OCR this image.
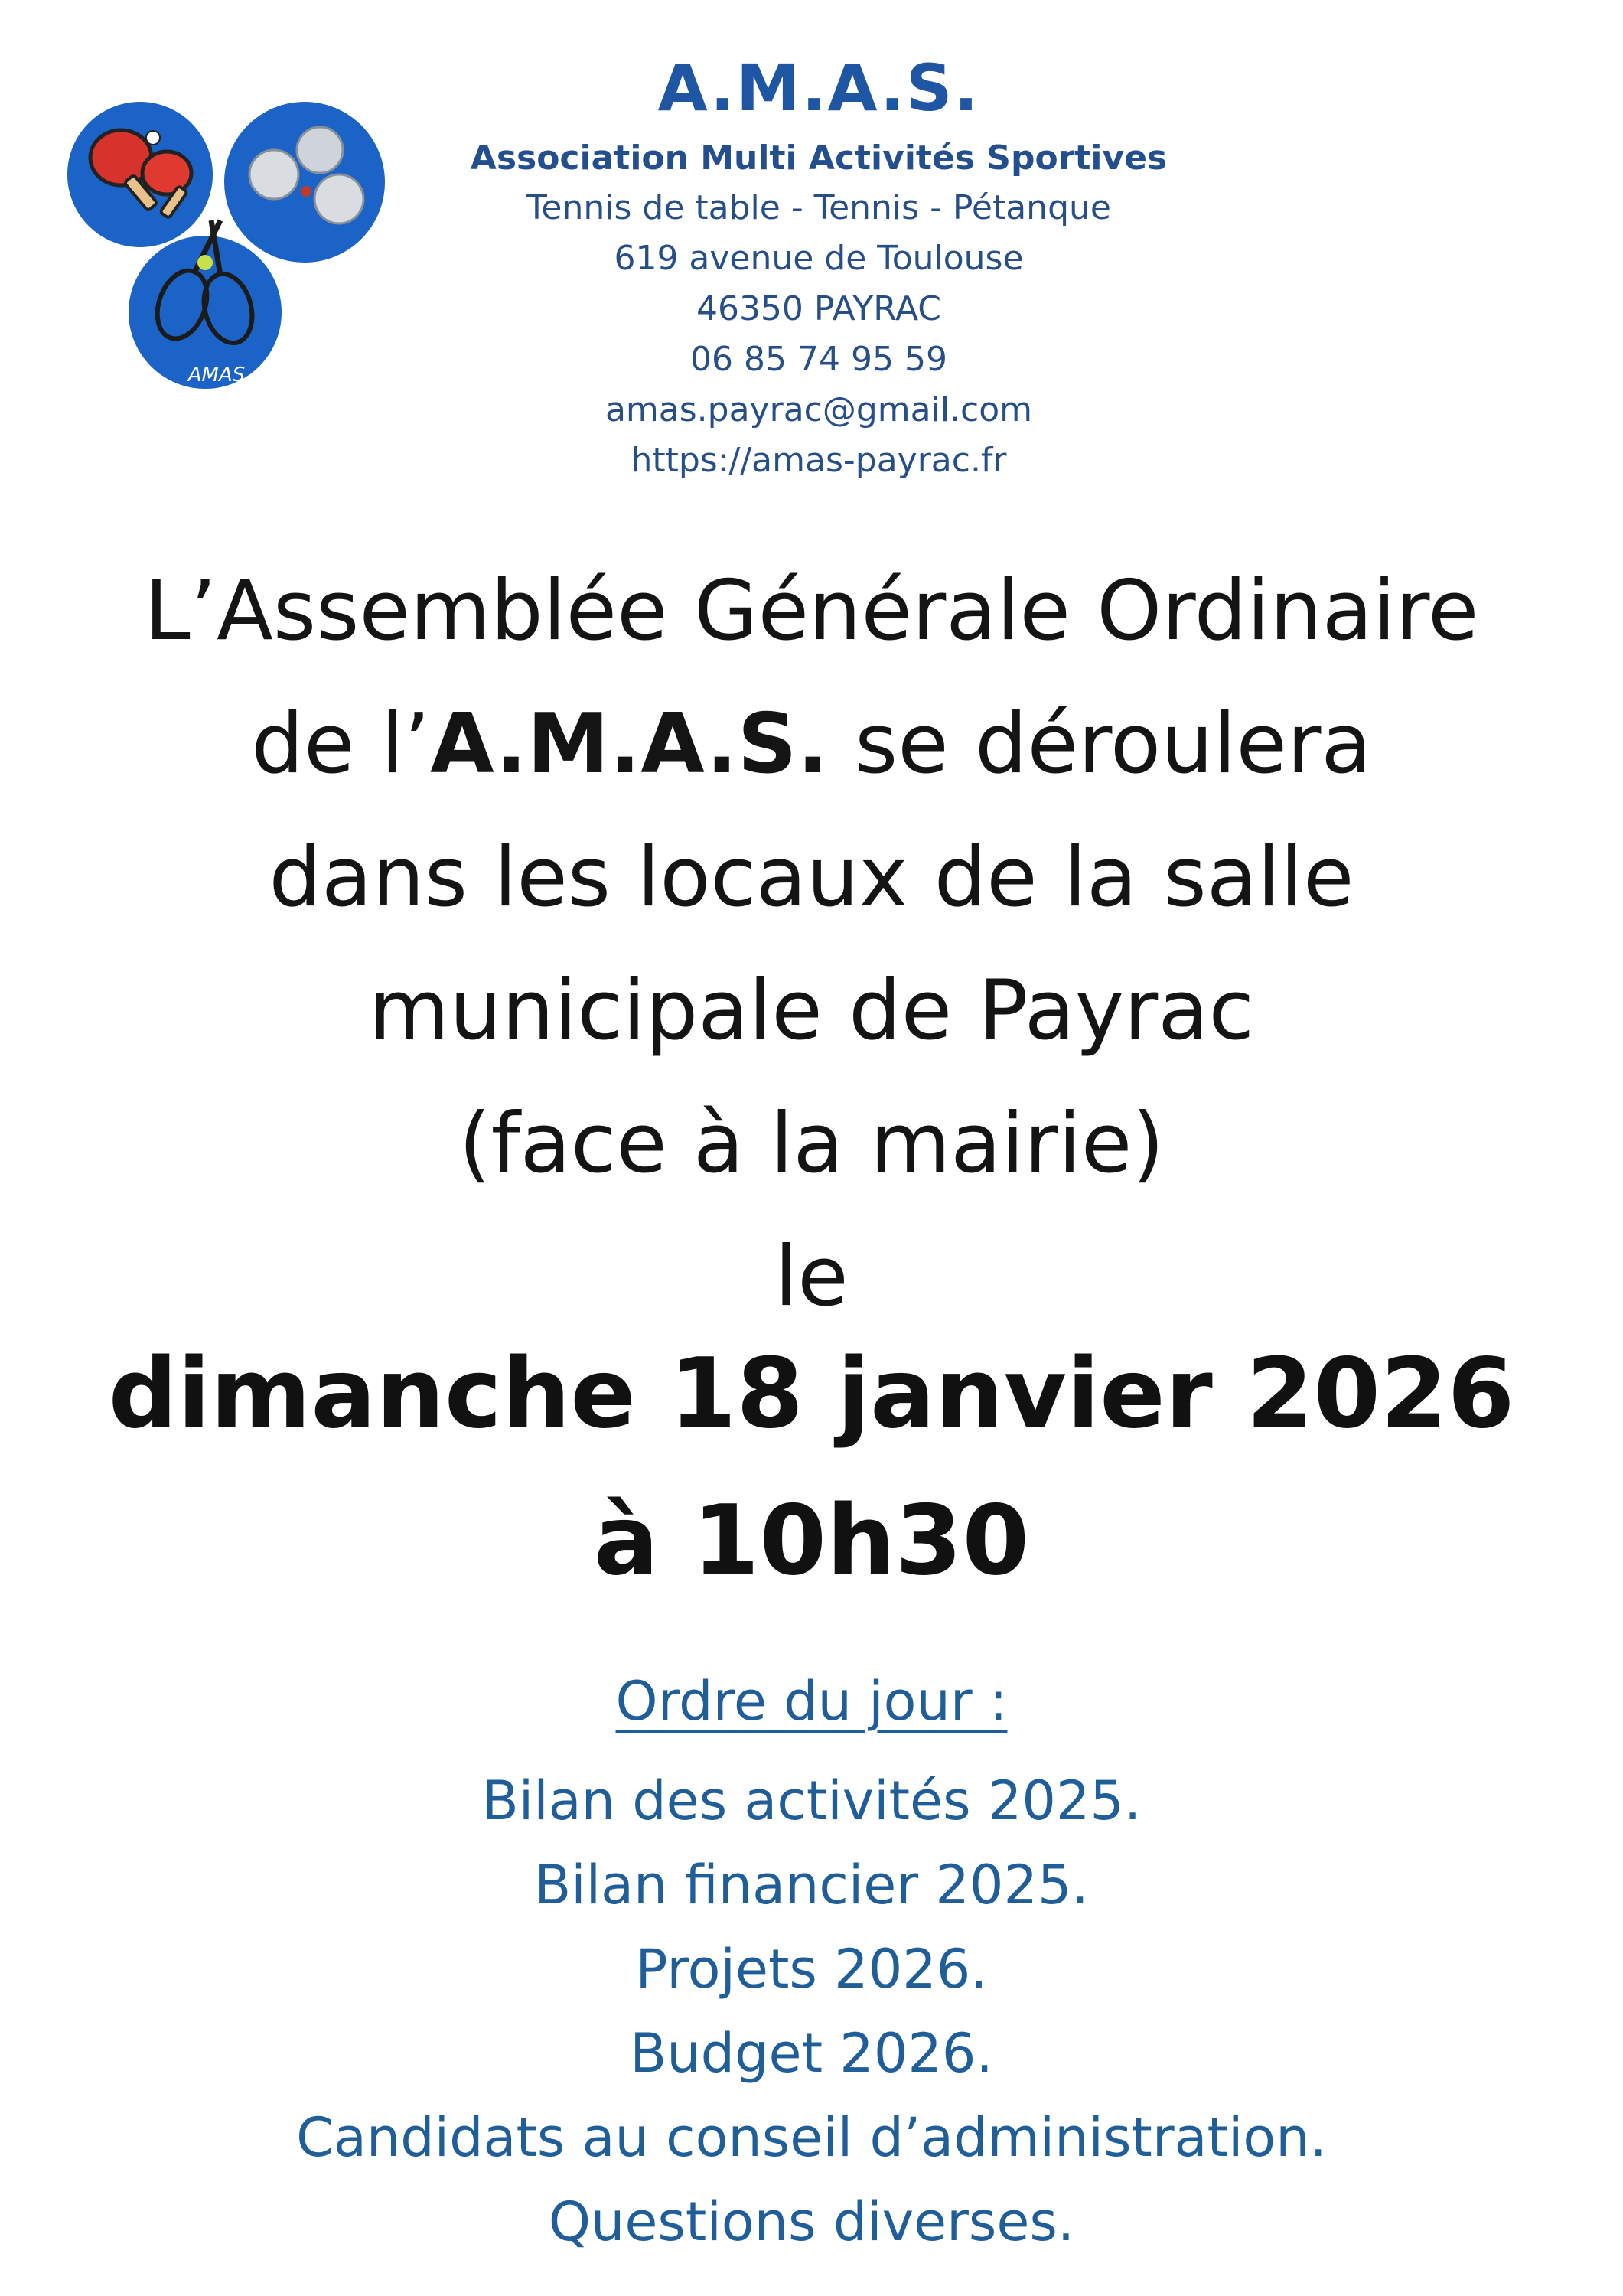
AMAS
A.M.A.S.
Association Multi Activités Sportives
Tennis de table - Tennis - Pétanque
619 avenue de Toulouse
46350 PAYRAC
06 85 74 95 59
amas.payrac@gmail.com
https://amas-payrac.fr
L’Assemblée Générale Ordinaire
de l’A.M.A.S. se déroulera
dans les locaux de la salle
municipale de Payrac
(face à la mairie)
le
dimanche 18 janvier 2026
à 10h30
Ordre du jour :
Bilan des activités 2025.
Bilan financier 2025.
Projets 2026.
Budget 2026.
Candidats au conseil d’administration.
Questions diverses.
